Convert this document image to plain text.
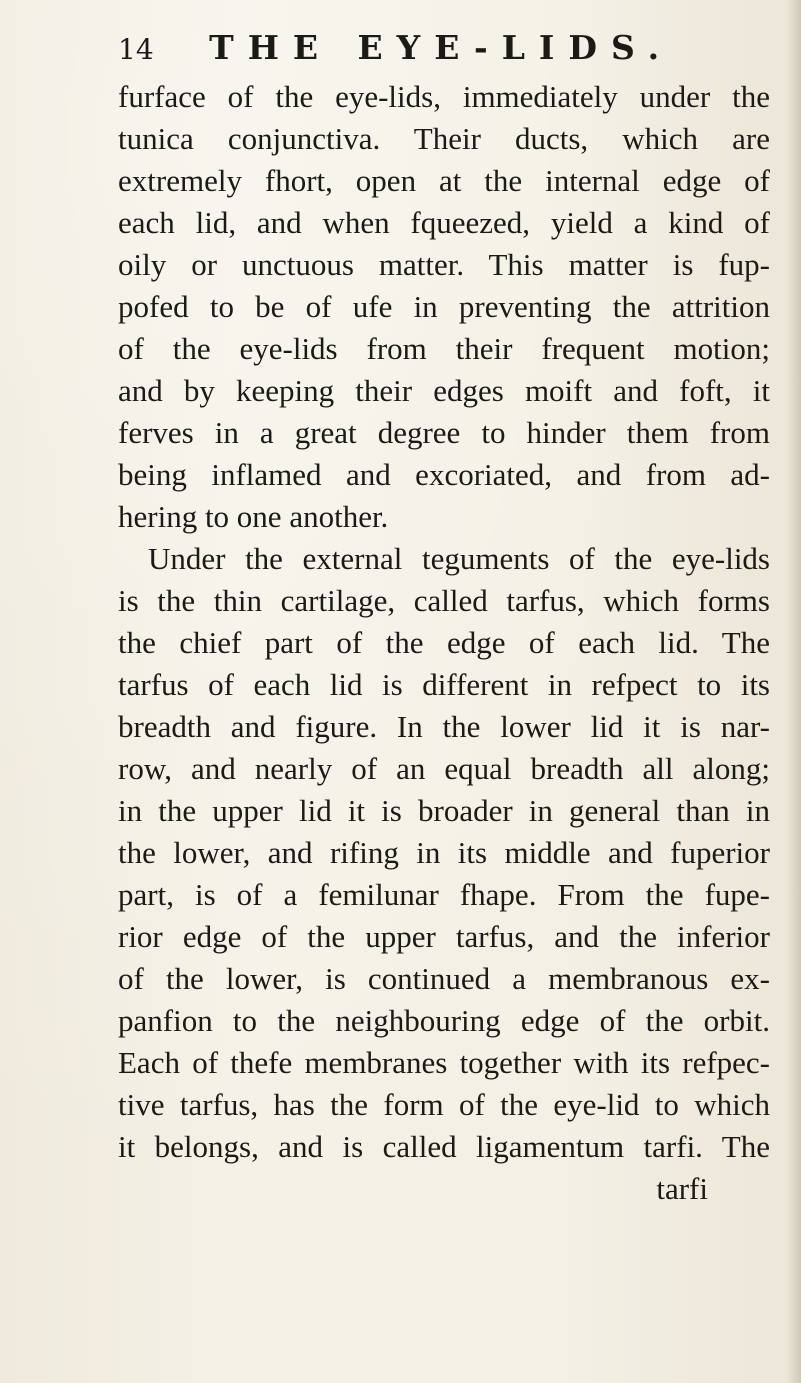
14 THE EYE-LIDS.
furface of the eye-lids, immediately under the
tunica conjunctiva. Their ducts, which are
extremely fhort, open at the internal edge of
each lid, and when fqueezed, yield a kind of
oily or unctuous matter. This matter is fup-
pofed to be of ufe in preventing the attrition
of the eye-lids from their frequent motion;
and by keeping their edges moift and foft, it
ferves in a great degree to hinder them from
being inflamed and excoriated, and from ad-
hering to one another.
Under the external teguments of the eye-lids
is the thin cartilage, called tarfus, which forms
the chief part of the edge of each lid. The
tarfus of each lid is different in refpect to its
breadth and figure. In the lower lid it is nar-
row, and nearly of an equal breadth all along;
in the upper lid it is broader in general than in
the lower, and rifing in its middle and fuperior
part, is of a femilunar fhape. From the fupe-
rior edge of the upper tarfus, and the inferior
of the lower, is continued a membranous ex-
panfion to the neighbouring edge of the orbit.
Each of thefe membranes together with its refpec-
tive tarfus, has the form of the eye-lid to which
it belongs, and is called ligamentum tarfi. The
tarfi
